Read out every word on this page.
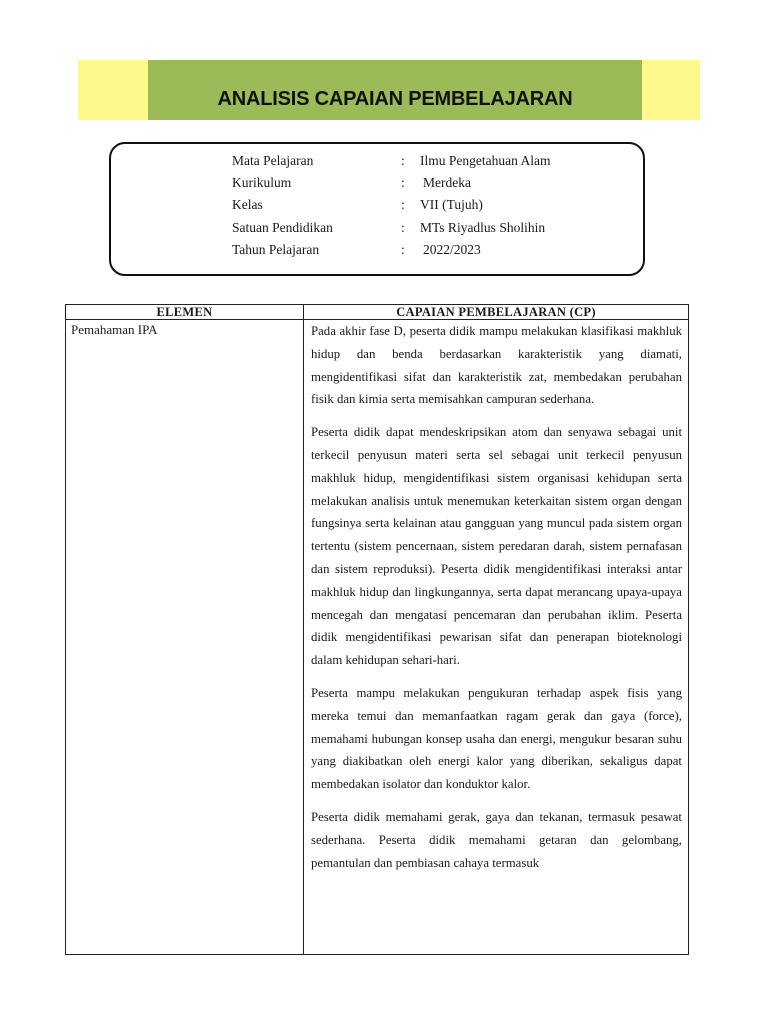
ANALISIS CAPAIAN PEMBELAJARAN
Mata Pelajaran	: Ilmu Pengetahuan Alam
Kurikulum	: Merdeka
Kelas	: VII (Tujuh)
Satuan Pendidikan	: MTs Riyadlus Sholihin
Tahun Pelajaran	: 2022/2023
ELEMEN	CAPAIAN PEMBELAJARAN (CP)
Pemahaman IPA	Pada akhir fase D, peserta didik mampu melakukan klasifikasi makhluk hidup dan benda berdasarkan karakteristik yang diamati, mengidentifikasi sifat dan karakteristik zat, membedakan perubahan fisik dan kimia serta memisahkan campuran sederhana.

Peserta didik dapat mendeskripsikan atom dan senyawa sebagai unit terkecil penyusun materi serta sel sebagai unit terkecil penyusun makhluk hidup, mengidentifikasi sistem organisasi kehidupan serta melakukan analisis untuk menemukan keterkaitan sistem organ dengan fungsinya serta kelainan atau gangguan yang muncul pada sistem organ tertentu (sistem pencernaan, sistem peredaran darah, sistem pernafasan dan sistem reproduksi). Peserta didik mengidentifikasi interaksi antar makhluk hidup dan lingkungannya, serta dapat merancang upaya-upaya mencegah dan mengatasi pencemaran dan perubahan iklim. Peserta didik mengidentifikasi pewarisan sifat dan penerapan bioteknologi dalam kehidupan sehari-hari.

Peserta mampu melakukan pengukuran terhadap aspek fisis yang mereka temui dan memanfaatkan ragam gerak dan gaya (force), memahami hubungan konsep usaha dan energi, mengukur besaran suhu yang diakibatkan oleh energi kalor yang diberikan, sekaligus dapat membedakan isolator dan konduktor kalor.

Peserta didik memahami gerak, gaya dan tekanan, termasuk pesawat sederhana. Peserta didik memahami getaran dan gelombang, pemantulan dan pembiasan cahaya termasuk
